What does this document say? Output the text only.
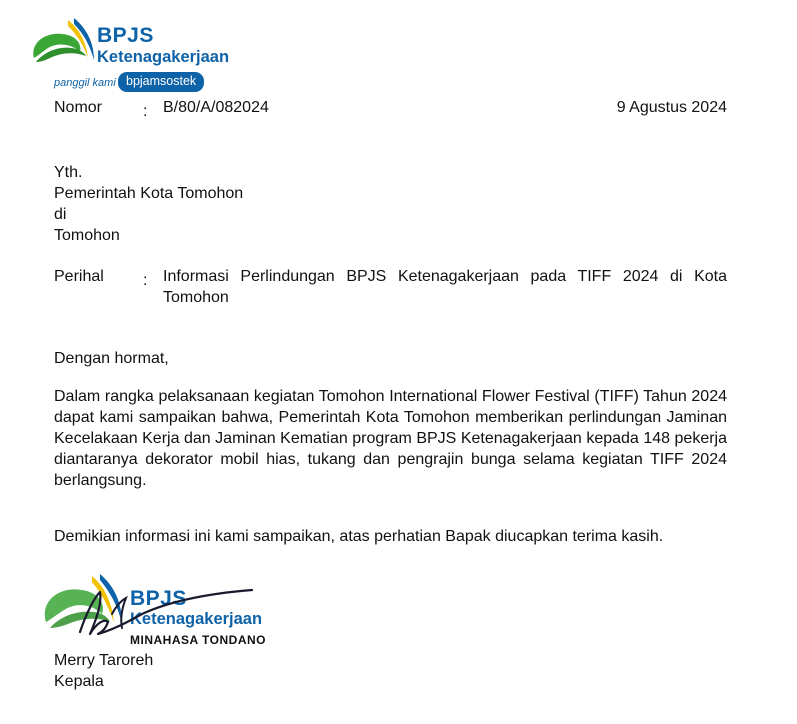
BPJS
Ketenagakerjaan
panggil kami bpjamsostek
Nomor	: B/80/A/082024	9 Agustus 2024
Yth.
Pemerintah Kota Tomohon
di
Tomohon
Perihal : Informasi Perlindungan BPJS Ketenagakerjaan pada TIFF 2024 di Kota Tomohon
Dengan hormat,
Dalam rangka pelaksanaan kegiatan Tomohon International Flower Festival (TIFF) Tahun 2024 dapat kami sampaikan bahwa, Pemerintah Kota Tomohon memberikan perlindungan Jaminan Kecelakaan Kerja dan Jaminan Kematian program BPJS Ketenagakerjaan kepada 148 pekerja diantaranya dekorator mobil hias, tukang dan pengrajin bunga selama kegiatan TIFF 2024 berlangsung.
Demikian informasi ini kami sampaikan, atas perhatian Bapak diucapkan terima kasih.
BPJS
Ketenagakerjaan
MINAHASA TONDANO
Merry Taroreh
Kepala
